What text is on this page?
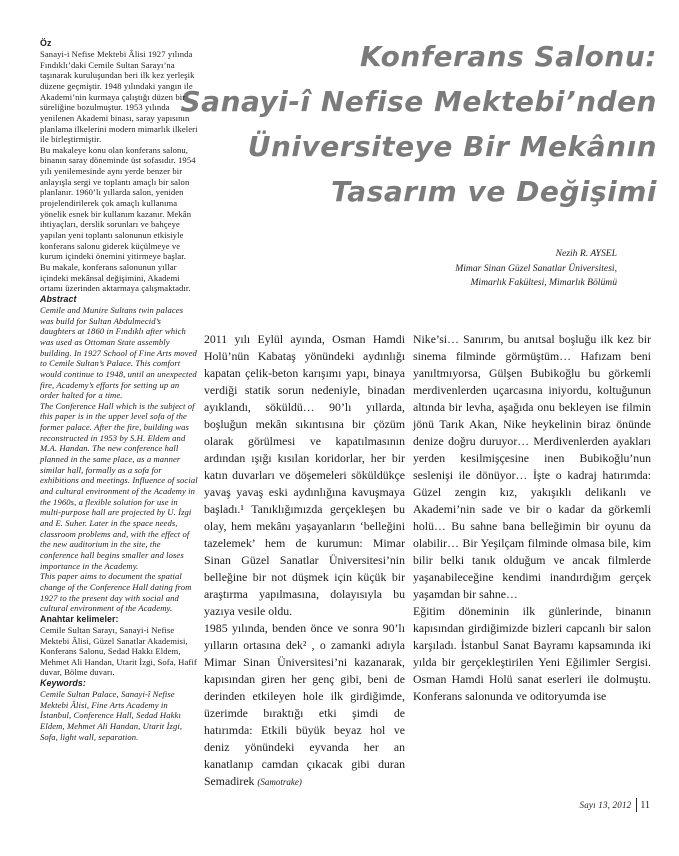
Konferans Salonu:
Sanayi-î Nefise Mektebi’nden
Üniversiteye Bir Mekânın
Tasarım ve Değişimi
Nezih R. AYSEL
Mimar Sinan Güzel Sanatlar Üniversitesi,
Mimarlık Fakültesi, Mimarlık Bölümü

Öz

Sanayi-i Nefise Mektebi Âlisi 1927 yılında Fındıklı’daki Cemile Sultan Sarayı’na taşınarak kuruluşundan beri ilk kez yerleşik düzene geçmiştir. 1948 yılındaki yangın ile Akademi’nin kurmaya çalıştığı düzen bir süreliğine bozulmuştur. 1953 yılında yenilenen Akademi binası, saray yapısının planlama ilkelerini modern mimarlık ilkeleri ile birleştirmiştir.

Bu makaleye konu olan konferans salonu, binanın saray döneminde üst sofasıdır. 1954 yılı yenilemesinde aynı yerde benzer bir anlayışla sergi ve toplantı amaçlı bir salon planlanır. 1960’lı yıllarda salon, yeniden projelendirilerek çok amaçlı kullanıma yönelik esnek bir kullanım kazanır. Mekân ihtiyaçları, derslik sorunları ve bahçeye yapılan yeni toplantı salonunun etkisiyle konferans salonu giderek küçülmeye ve kurum içindeki önemini yitirmeye başlar.

Bu makale, konferans salonunun yıllar içindeki mekânsal değişimini, Akademi ortamı üzerinden aktarmaya çalışmaktadır.

Abstract

Cemile and Munire Sultans twin palaces was build for Sultan Abdulmecid’s daughters at 1860 in Fındıklı after which was used as Ottoman State assembly building. In 1927 School of Fine Arts moved to Cemile Sultan’s Palace. This comfort would continue to 1948, until an unexpected fire, Academy’s efforts for setting up an order halted for a time.

The Conference Hall which is the subject of this paper is in the upper level sofa of the former palace. After the fire, building was reconstructed in 1953 by S.H. Eldem and M.A. Handan. The new conference hall planned in the same place, as a manner similar hall, formally as a sofa for exhibitions and meetings. Influence of social and cultural environment of the Academy in the 1960s, a flexible solution for use in multi-purpose hall are projected by U. İzgi and E. Suher. Later in the space needs, classroom problems and, with the effect of the new auditorium in the site, the conference hall begins smaller and loses importance in the Academy.

This paper aims to document the spatial change of the Conference Hall dating from 1927 to the present day with social and cultural environment of the Academy.

Anahtar kelimeler:

Cemile Sultan Sarayı, Sanayi-i Nefise Mektebi Âlisi, Güzel Sanatlar Akademisi, Konferans Salonu, Sedad Hakkı Eldem, Mehmet Ali Handan, Utarit İzgi, Sofa, Hafif duvar, Bölme duvarı.

Keywords:

Cemile Sultan Palace, Sanayi-î Nefise Mektebi Âlisi, Fine Arts Academy in İstanbul, Conference Hall, Sedad Hakkı Eldem, Mehmet Ali Handan, Utarit İzgi, Sofa, light wall, separation.

2011 yılı Eylül ayında, Osman Hamdi Holü’nün Kabataş yönündeki aydınlığı kapatan çelik-beton karışımı yapı, binaya verdiği statik sorun nedeniyle, binadan ayıklandı, söküldü… 90’lı yıllarda, boşluğun mekân sıkıntısına bir çözüm olarak görülmesi ve kapatılmasının ardından ışığı kısılan koridorlar, her bir katın duvarları ve döşemeleri söküldükçe yavaş yavaş eski aydınlığına kavuşmaya başladı.¹ Tanıklığımızda gerçekleşen bu olay, hem mekânı yaşayanların ‘belleğini tazelemek’ hem de kurumun: Mimar Sinan Güzel Sanatlar Üniversitesi’nin belleğine bir not düşmek için küçük bir araştırma yapılmasına, dolayısıyla bu yazıya vesile oldu.

1985 yılında, benden önce ve sonra 90’lı yılların ortasına dek² , o zamanki adıyla Mimar Sinan Üniversitesi’ni kazanarak, kapısından giren her genç gibi, beni de derinden etkileyen hole ilk girdiğimde, üzerimde bıraktığı etki şimdi de hatırımda: Etkili büyük beyaz hol ve deniz yönündeki eyvanda her an kanatlanıp camdan çıkacak gibi duran Semadirek (Samotrake)

Nike’si… Sanırım, bu anıtsal boşluğu ilk kez bir sinema filminde görmüştüm… Hafızam beni yanıltmıyorsa, Gülşen Bubikoğlu bu görkemli merdivenlerden uçarcasına iniyordu, koltuğunun altında bir levha, aşağıda onu bekleyen ise filmin jönü Tarık Akan, Nike heykelinin biraz önünde denize doğru duruyor… Merdivenlerden ayakları yerden kesilmişçesine inen Bubikoğlu’nun seslenişi ile dönüyor… İşte o kadraj hatırımda: Güzel zengin kız, yakışıklı delikanlı ve Akademi’nin sade ve bir o kadar da görkemli holü… Bu sahne bana belleğimin bir oyunu da olabilir… Bir Yeşilçam filminde olmasa bile, kim bilir belki tanık olduğum ve ancak filmlerde yaşanabileceğine kendimi inandırdığım gerçek yaşamdan bir sahne…

Eğitim döneminin ilk günlerinde, binanın kapısından girdiğimizde bizleri capcanlı bir salon karşıladı. İstanbul Sanat Bayramı kapsamında iki yılda bir gerçekleştirilen Yeni Eğilimler Sergisi. Osman Hamdi Holü sanat eserleri ile dolmuştu. Konferans salonunda ve oditoryumda ise

Sayı 13, 2012 11
